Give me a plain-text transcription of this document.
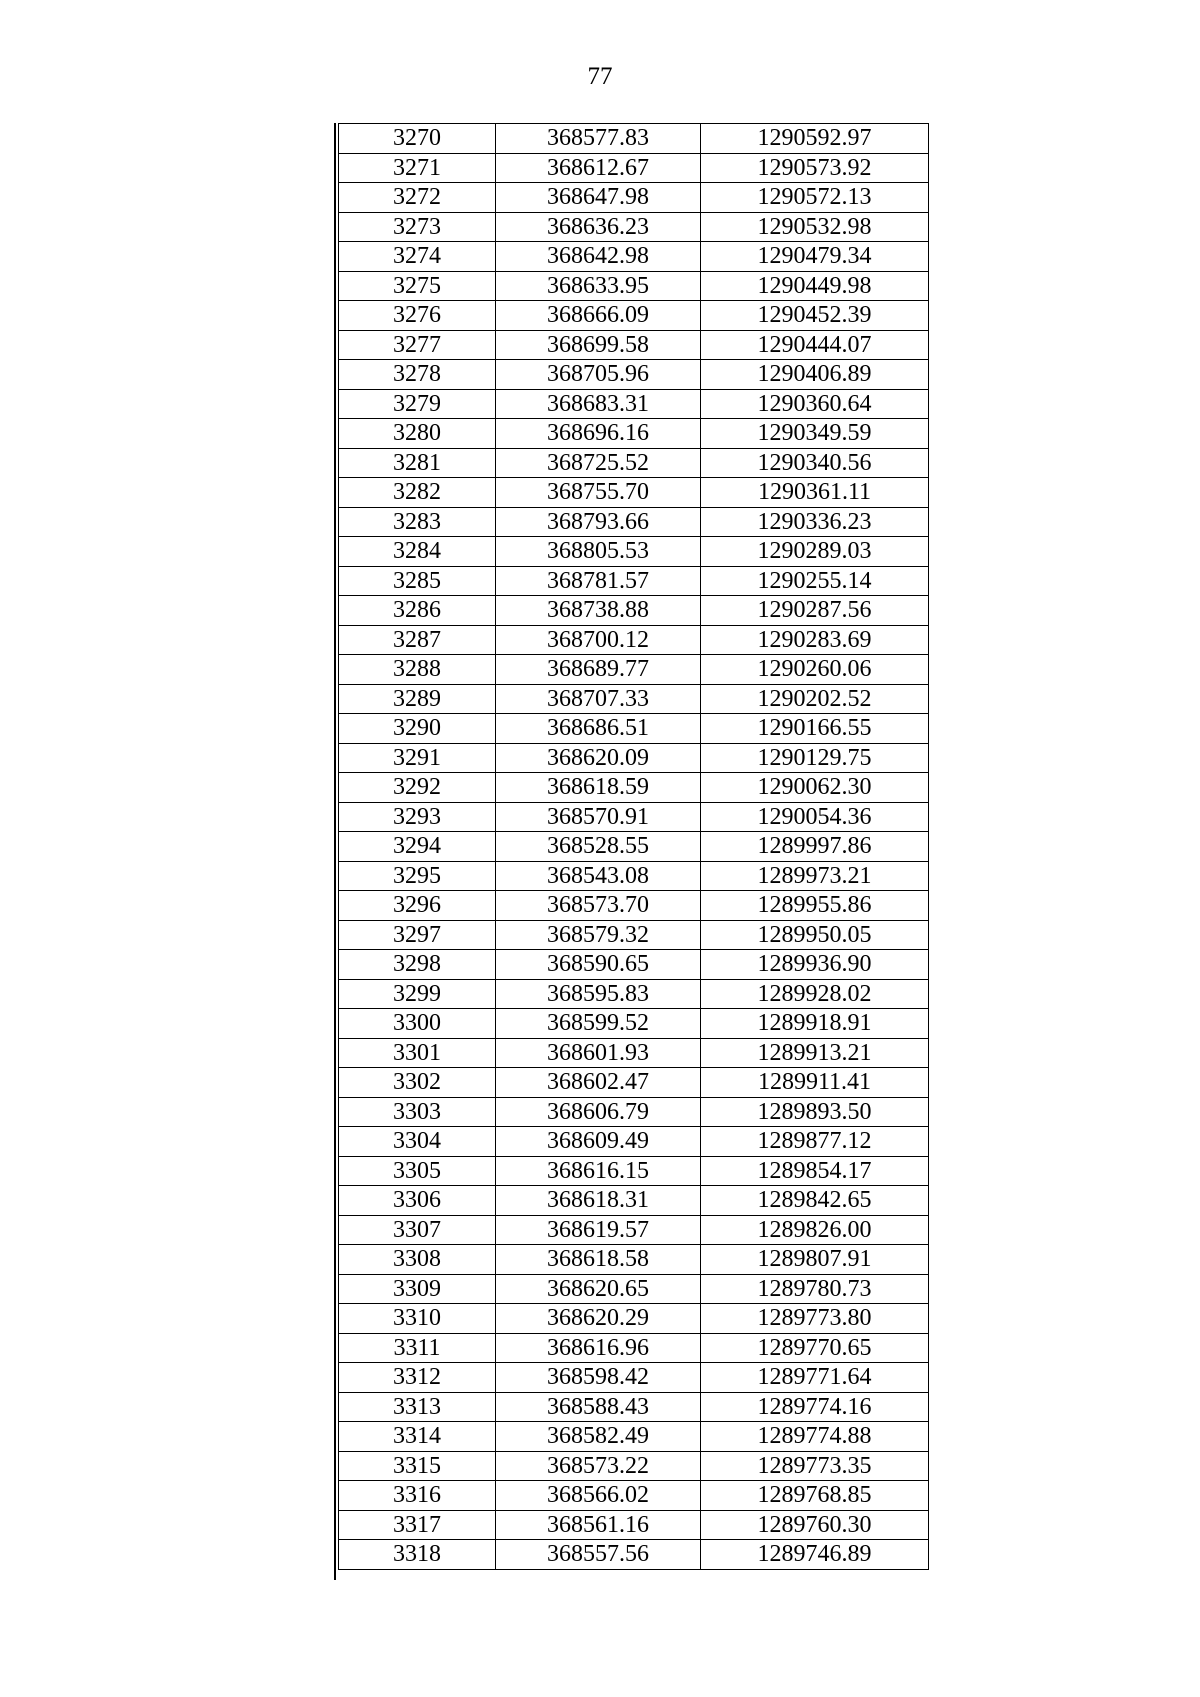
77
3270	368577.83	1290592.97
3271	368612.67	1290573.92
3272	368647.98	1290572.13
3273	368636.23	1290532.98
3274	368642.98	1290479.34
3275	368633.95	1290449.98
3276	368666.09	1290452.39
3277	368699.58	1290444.07
3278	368705.96	1290406.89
3279	368683.31	1290360.64
3280	368696.16	1290349.59
3281	368725.52	1290340.56
3282	368755.70	1290361.11
3283	368793.66	1290336.23
3284	368805.53	1290289.03
3285	368781.57	1290255.14
3286	368738.88	1290287.56
3287	368700.12	1290283.69
3288	368689.77	1290260.06
3289	368707.33	1290202.52
3290	368686.51	1290166.55
3291	368620.09	1290129.75
3292	368618.59	1290062.30
3293	368570.91	1290054.36
3294	368528.55	1289997.86
3295	368543.08	1289973.21
3296	368573.70	1289955.86
3297	368579.32	1289950.05
3298	368590.65	1289936.90
3299	368595.83	1289928.02
3300	368599.52	1289918.91
3301	368601.93	1289913.21
3302	368602.47	1289911.41
3303	368606.79	1289893.50
3304	368609.49	1289877.12
3305	368616.15	1289854.17
3306	368618.31	1289842.65
3307	368619.57	1289826.00
3308	368618.58	1289807.91
3309	368620.65	1289780.73
3310	368620.29	1289773.80
3311	368616.96	1289770.65
3312	368598.42	1289771.64
3313	368588.43	1289774.16
3314	368582.49	1289774.88
3315	368573.22	1289773.35
3316	368566.02	1289768.85
3317	368561.16	1289760.30
3318	368557.56	1289746.89
